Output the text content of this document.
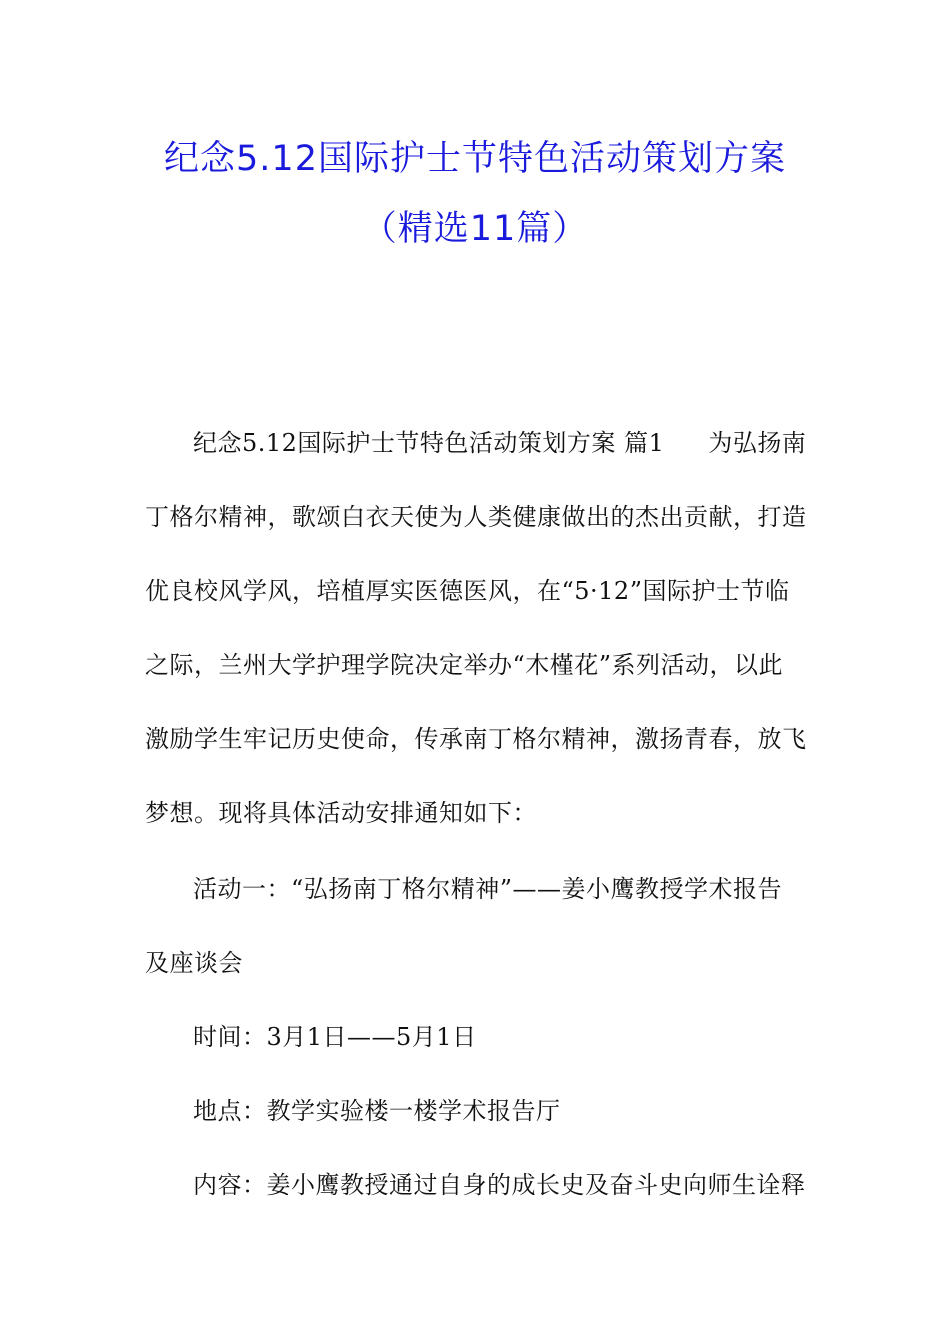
纪念5.12国际护士节特色活动策划方案
（精选11篇）
纪念5.12国际护士节特色活动策划方案 篇1 为弘扬南
丁格尔精神，歌颂白衣天使为人类健康做出的杰出贡献，打造
优良校风学风，培植厚实医德医风，在“5·12”国际护士节临
之际，兰州大学护理学院决定举办“木槿花”系列活动，以此
激励学生牢记历史使命，传承南丁格尔精神，激扬青春，放飞
梦想。现将具体活动安排通知如下：
活动一：“弘扬南丁格尔精神”——姜小鹰教授学术报告
及座谈会
时间：3月1日——5月1日
地点：教学实验楼一楼学术报告厅
内容：姜小鹰教授通过自身的成长史及奋斗史向师生诠释
